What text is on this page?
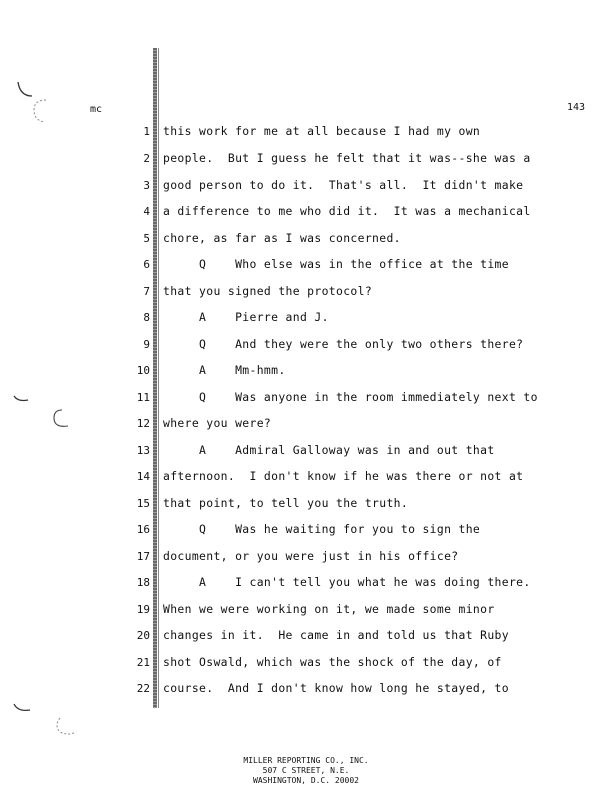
mc	143
1 this work for me at all because I had my own
2 people.  But I guess he felt that it was--she was a
3 good person to do it.  That's all.  It didn't make
4 a difference to me who did it.  It was a mechanical
5 chore, as far as I was concerned.
6 Q    Who else was in the office at the time
7 that you signed the protocol?
8 A    Pierre and J.
9 Q    And they were the only two others there?
10 A    Mm-hmm.
11 Q    Was anyone in the room immediately next to
12 where you were?
13 A    Admiral Galloway was in and out that
14 afternoon.  I don't know if he was there or not at
15 that point, to tell you the truth.
16 Q    Was he waiting for you to sign the
17 document, or you were just in his office?
18 A    I can't tell you what he was doing there.
19 When we were working on it, we made some minor
20 changes in it.  He came in and told us that Ruby
21 shot Oswald, which was the shock of the day, of
22 course.  And I don't know how long he stayed, to
MILLER REPORTING CO., INC.
507 C STREET, N.E.
WASHINGTON, D.C. 20002
